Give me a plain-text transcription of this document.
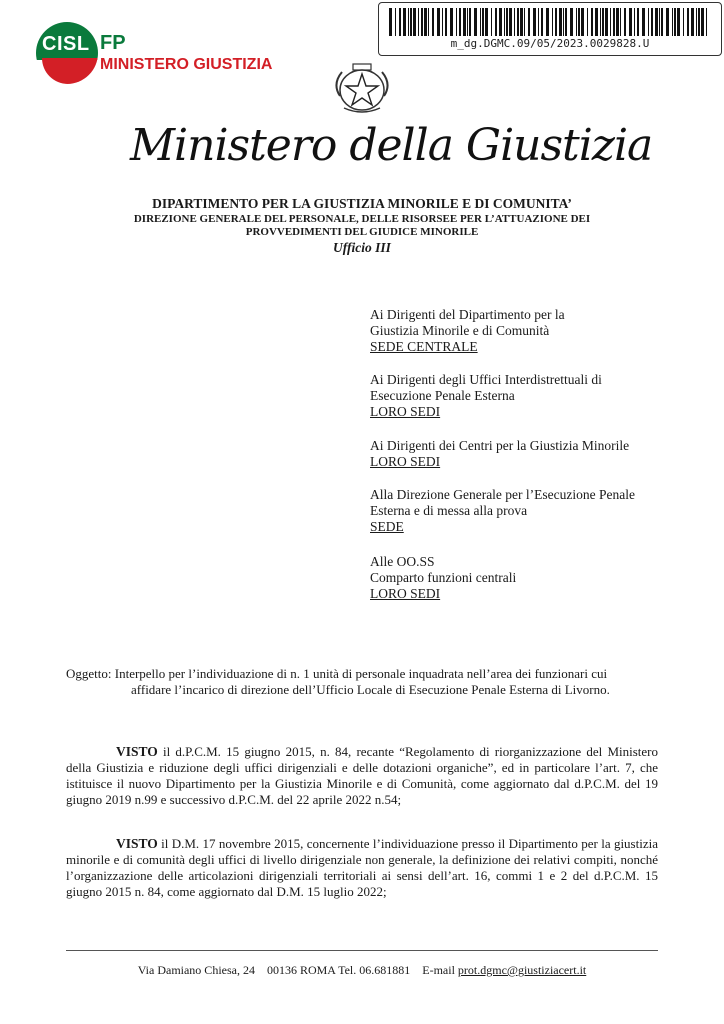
CISL FP
MINISTERO GIUSTIZIA
m_dg.DGMC.09/05/2023.0029828.U
Ministero della Giustizia
DIPARTIMENTO PER LA GIUSTIZIA MINORILE E DI COMUNITA’
DIREZIONE GENERALE DEL PERSONALE, DELLE RISORSEE PER L’ATTUAZIONE DEI
PROVVEDIMENTI DEL GIUDICE MINORILE
Ufficio III
Ai Dirigenti del Dipartimento per la
Giustizia Minorile e di Comunità
SEDE CENTRALE
Ai Dirigenti degli Uffici Interdistrettuali di
Esecuzione Penale Esterna
LORO SEDI
Ai Dirigenti dei Centri per la Giustizia Minorile
LORO SEDI
Alla Direzione Generale per l’Esecuzione Penale
Esterna e di messa alla prova
SEDE
Alle OO.SS
Comparto funzioni centrali
LORO SEDI
Oggetto: Interpello per l’individuazione di n. 1 unità di personale inquadrata nell’area dei funzionari cui
affidare l’incarico di direzione dell’Ufficio Locale di Esecuzione Penale Esterna di Livorno.
VISTO il d.P.C.M. 15 giugno 2015, n. 84, recante “Regolamento di riorganizzazione del Ministero della Giustizia e riduzione degli uffici dirigenziali e delle dotazioni organiche”, ed in particolare l’art. 7, che istituisce il nuovo Dipartimento per la Giustizia Minorile e di Comunità, come aggiornato dal d.P.C.M. del 19 giugno 2019 n.99 e successivo d.P.C.M. del 22 aprile 2022 n.54;
VISTO il D.M. 17 novembre 2015, concernente l’individuazione presso il Dipartimento per la giustizia minorile e di comunità degli uffici di livello dirigenziale non generale, la definizione dei relativi compiti, nonché l’organizzazione delle articolazioni dirigenziali territoriali ai sensi dell’art. 16, commi 1 e 2 del d.P.C.M. 15 giugno 2015 n. 84, come aggiornato dal D.M. 15 luglio 2022;
Via Damiano Chiesa, 24    00136 ROMA Tel. 06.681881    E-mail prot.dgmc@giustiziacert.it
